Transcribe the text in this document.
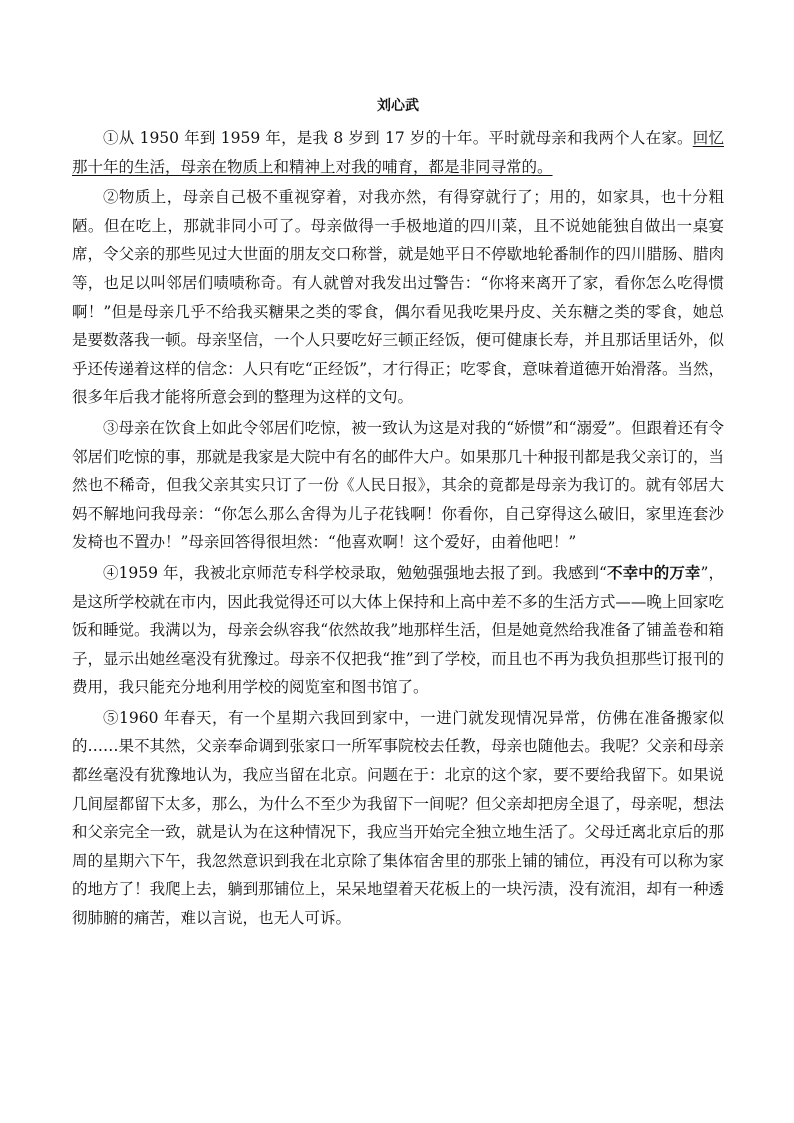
刘心武

①从 1950 年到 1959 年，是我 8 岁到 17 岁的十年。平时就母亲和我两个人在家。回忆那十年的生活，母亲在物质上和精神上对我的哺育，都是非同寻常的。

②物质上，母亲自己极不重视穿着，对我亦然，有得穿就行了；用的，如家具，也十分粗陋。但在吃上，那就非同小可了。母亲做得一手极地道的四川菜，且不说她能独自做出一桌宴席，令父亲的那些见过大世面的朋友交口称誉，就是她平日不停歇地轮番制作的四川腊肠、腊肉等，也足以叫邻居们啧啧称奇。有人就曾对我发出过警告：“你将来离开了家，看你怎么吃得惯啊！”但是母亲几乎不给我买糖果之类的零食，偶尔看见我吃果丹皮、关东糖之类的零食，她总是要数落我一顿。母亲坚信，一个人只要吃好三顿正经饭，便可健康长寿，并且那话里话外，似乎还传递着这样的信念：人只有吃“正经饭”，才行得正；吃零食，意味着道德开始滑落。当然，很多年后我才能将所意会到的整理为这样的文句。

③母亲在饮食上如此令邻居们吃惊，被一致认为这是对我的“娇惯”和“溺爱”。但跟着还有令邻居们吃惊的事，那就是我家是大院中有名的邮件大户。如果那几十种报刊都是我父亲订的，当然也不稀奇，但我父亲其实只订了一份《人民日报》，其余的竟都是母亲为我订的。就有邻居大妈不解地问我母亲：“你怎么那么舍得为儿子花钱啊！你看你，自己穿得这么破旧，家里连套沙发椅也不置办！”母亲回答得很坦然：“他喜欢啊！这个爱好，由着他吧！”

④1959 年，我被北京师范专科学校录取，勉勉强强地去报了到。我感到“不幸中的万幸”，是这所学校就在市内，因此我觉得还可以大体上保持和上高中差不多的生活方式——晚上回家吃饭和睡觉。我满以为，母亲会纵容我“依然故我”地那样生活，但是她竟然给我准备了铺盖卷和箱子，显示出她丝毫没有犹豫过。母亲不仅把我“推”到了学校，而且也不再为我负担那些订报刊的费用，我只能充分地利用学校的阅览室和图书馆了。

⑤1960 年春天，有一个星期六我回到家中，一进门就发现情况异常，仿佛在准备搬家似的……果不其然，父亲奉命调到张家口一所军事院校去任教，母亲也随他去。我呢？父亲和母亲都丝毫没有犹豫地认为，我应当留在北京。问题在于：北京的这个家，要不要给我留下。如果说几间屋都留下太多，那么，为什么不至少为我留下一间呢？但父亲却把房全退了，母亲呢，想法和父亲完全一致，就是认为在这种情况下，我应当开始完全独立地生活了。父母迁离北京后的那周的星期六下午，我忽然意识到我在北京除了集体宿舍里的那张上铺的铺位，再没有可以称为家的地方了！我爬上去，躺到那铺位上，呆呆地望着天花板上的一块污渍，没有流泪，却有一种透彻肺腑的痛苦，难以言说，也无人可诉。
